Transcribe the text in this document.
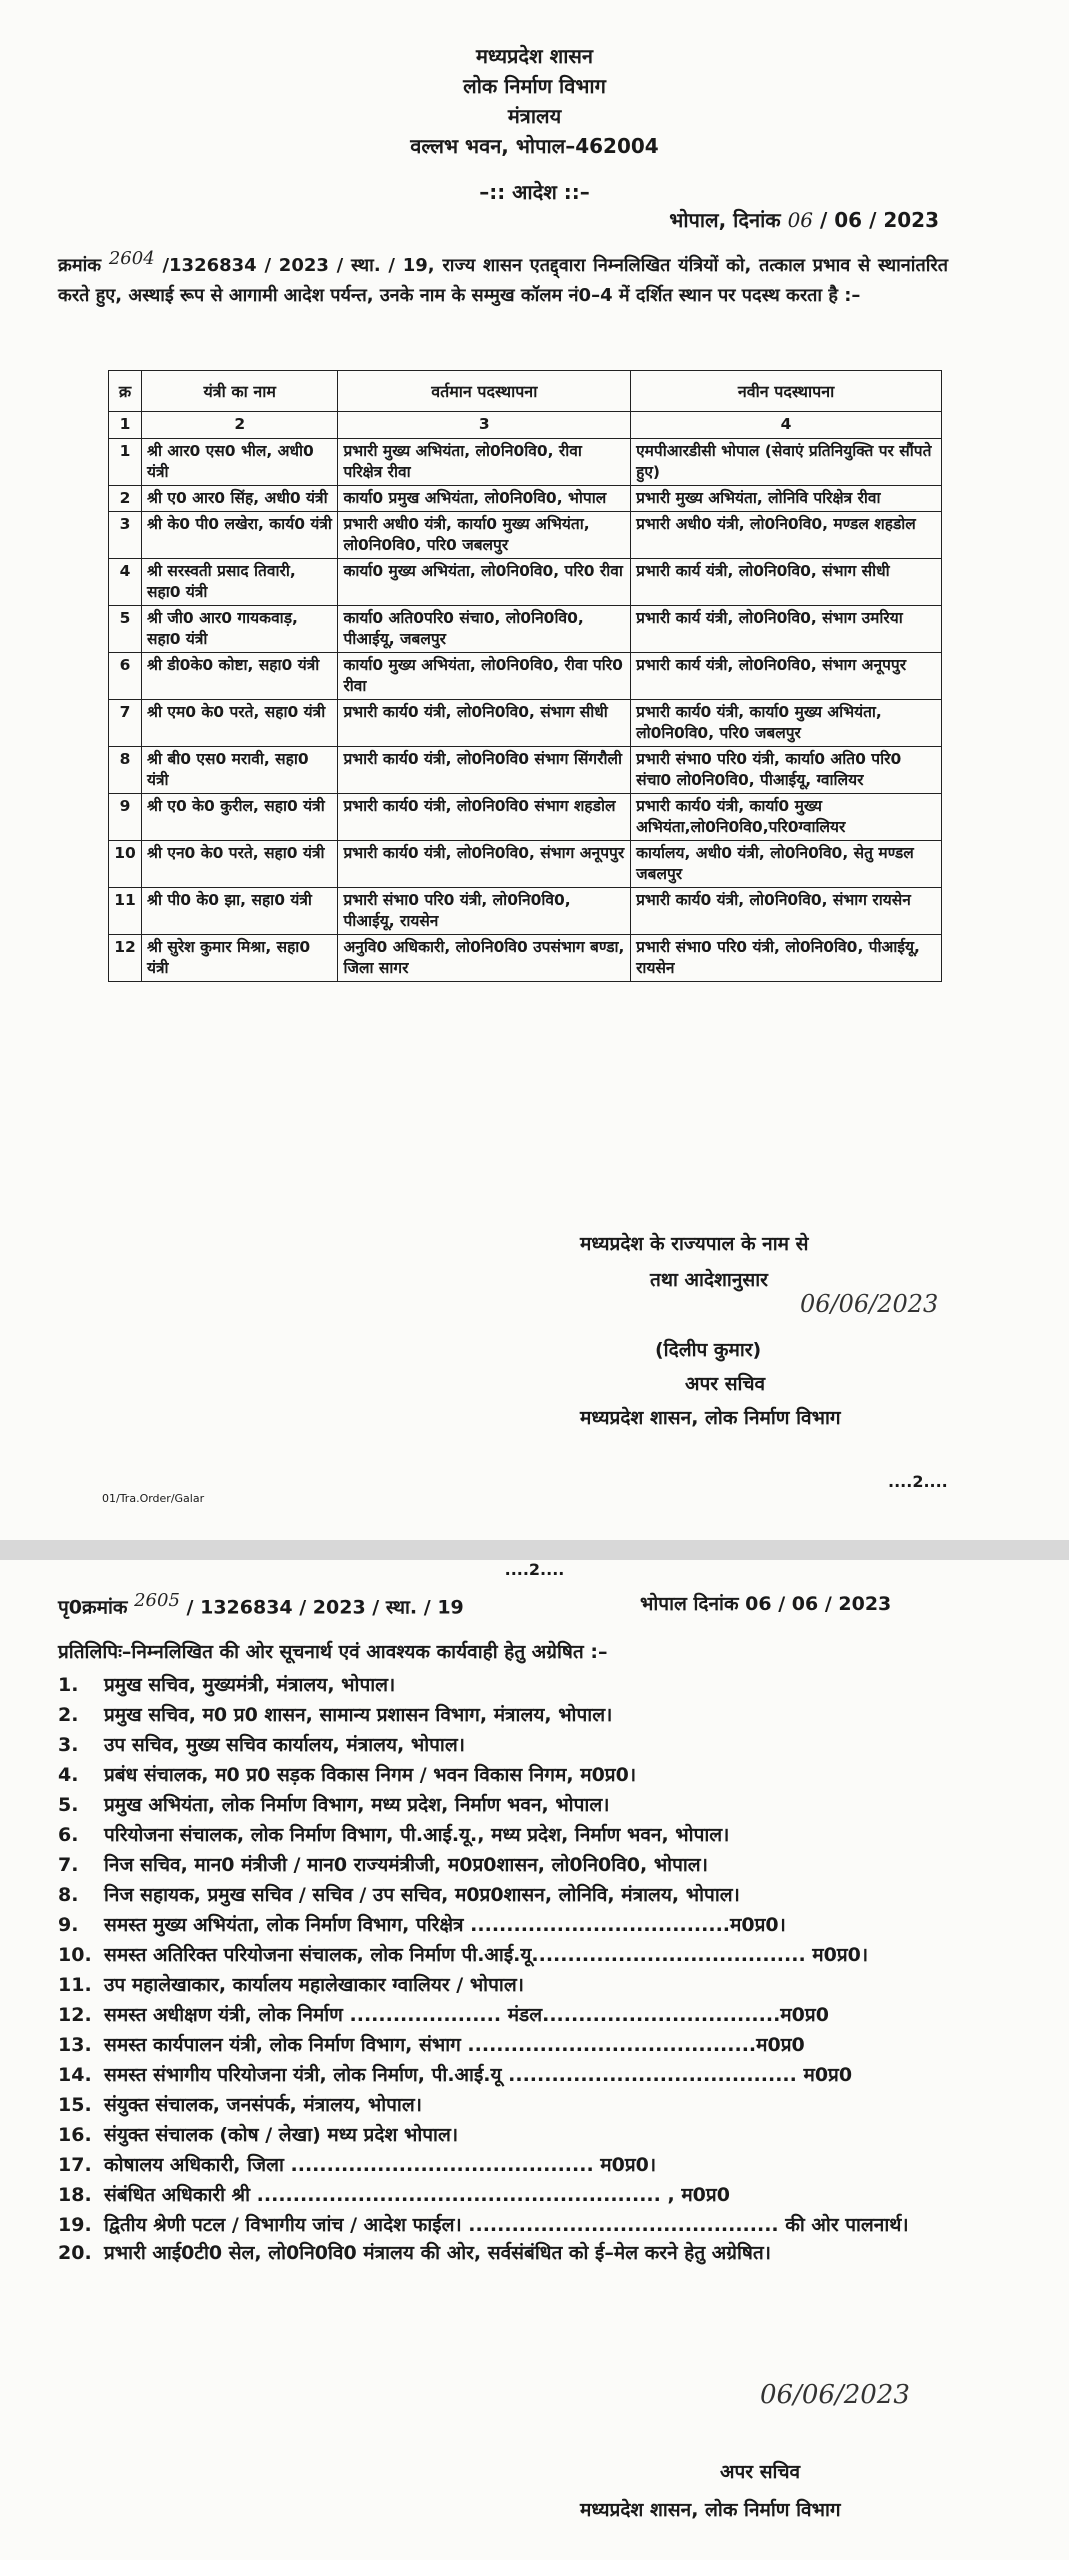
मध्यप्रदेश शासन
लोक निर्माण विभाग
मंत्रालय
वल्लभ भवन, भोपाल–462004
–:: आदेश ::–
भोपाल, दिनांक 06 / 06 / 2023
क्रमांक $^{2604}$ /1326834 / 2023 / स्था. / 19, राज्य शासन एतद्द्वारा निम्नलिखित यंत्रियों को, तत्काल प्रभाव से स्थानांतरित करते हुए, अस्थाई रूप से आगामी आदेश पर्यन्त, उनके नाम के सम्मुख कॉलम नं0–4 में दर्शित स्थान पर पदस्थ करता है :–
क्र	यंत्री का नाम	वर्तमान पदस्थापना	नवीन पदस्थापना
1	2	3	4
1	श्री आर0 एस0 भील, अधी0 यंत्री	प्रभारी मुख्य अभियंता, लो0नि0वि0, रीवा परिक्षेत्र रीवा	एमपीआरडीसी भोपाल (सेवाएं प्रतिनियुक्ति पर सौंपते हुए)
2	श्री ए0 आर0 सिंह, अधी0 यंत्री	कार्या0 प्रमुख अभियंता, लो0नि0वि0, भोपाल	प्रभारी मुख्य अभियंता, लोनिवि परिक्षेत्र रीवा
3	श्री के0 पी0 लखेरा, कार्य0 यंत्री	प्रभारी अधी0 यंत्री, कार्या0 मुख्य अभियंता, लो0नि0वि0, परि0 जबलपुर	प्रभारी अधी0 यंत्री, लो0नि0वि0, मण्डल शहडोल
4	श्री सरस्वती प्रसाद तिवारी, सहा0 यंत्री	कार्या0 मुख्य अभियंता, लो0नि0वि0, परि0 रीवा	प्रभारी कार्य यंत्री, लो0नि0वि0, संभाग सीधी
5	श्री जी0 आर0 गायकवाड़, सहा0 यंत्री	कार्या0 अति0परि0 संचा0, लो0नि0वि0, पीआईयू, जबलपुर	प्रभारी कार्य यंत्री, लो0नि0वि0, संभाग उमरिया
6	श्री डी0के0 कोष्टा, सहा0 यंत्री	कार्या0 मुख्य अभियंता, लो0नि0वि0, रीवा परि0 रीवा	प्रभारी कार्य यंत्री, लो0नि0वि0, संभाग अनूपपुर
7	श्री एम0 के0 परते, सहा0 यंत्री	प्रभारी कार्य0 यंत्री, लो0नि0वि0, संभाग सीधी	प्रभारी कार्य0 यंत्री, कार्या0 मुख्य अभियंता, लो0नि0वि0, परि0 जबलपुर
8	श्री बी0 एस0 मरावी, सहा0 यंत्री	प्रभारी कार्य0 यंत्री, लो0नि0वि0 संभाग सिंगरौली	प्रभारी संभा0 परि0 यंत्री, कार्या0 अति0 परि0 संचा0 लो0नि0वि0, पीआईयू, ग्वालियर
9	श्री ए0 के0 कुरील, सहा0 यंत्री	प्रभारी कार्य0 यंत्री, लो0नि0वि0 संभाग शहडोल	प्रभारी कार्य0 यंत्री, कार्या0 मुख्य अभियंता,लो0नि0वि0,परि0ग्वालियर
10	श्री एन0 के0 परते, सहा0 यंत्री	प्रभारी कार्य0 यंत्री, लो0नि0वि0, संभाग अनूपपुर	कार्यालय, अधी0 यंत्री, लो0नि0वि0, सेतु मण्डल जबलपुर
11	श्री पी0 के0 झा, सहा0 यंत्री	प्रभारी संभा0 परि0 यंत्री, लो0नि0वि0, पीआईयू, रायसेन	प्रभारी कार्य0 यंत्री, लो0नि0वि0, संभाग रायसेन
12	श्री सुरेश कुमार मिश्रा, सहा0 यंत्री	अनुवि0 अधिकारी, लो0नि0वि0 उपसंभाग बण्डा, जिला सागर	प्रभारी संभा0 परि0 यंत्री, लो0नि0वि0, पीआईयू, रायसेन
मध्यप्रदेश के राज्यपाल के नाम से
तथा आदेशानुसार
06/06/2023
(दिलीप कुमार)
अपर सचिव
मध्यप्रदेश शासन, लोक निर्माण विभाग
01/Tra.Order/Galar
....2....
....2....
पृ0क्रमांक $^{2605}$ / 1326834 / 2023 / स्था. / 19	भोपाल दिनांक 06 / 06 / 2023
प्रतिलिपिः–निम्नलिखित की ओर सूचनार्थ एवं आवश्यक कार्यवाही हेतु अग्रेषित :–
1.	प्रमुख सचिव, मुख्यमंत्री, मंत्रालय, भोपाल।
2.	प्रमुख सचिव, म0 प्र0 शासन, सामान्य प्रशासन विभाग, मंत्रालय, भोपाल।
3.	उप सचिव, मुख्य सचिव कार्यालय, मंत्रालय, भोपाल।
4.	प्रबंध संचालक, म0 प्र0 सड़क विकास निगम / भवन विकास निगम, म0प्र0।
5.	प्रमुख अभियंता, लोक निर्माण विभाग, मध्य प्रदेश, निर्माण भवन, भोपाल।
6.	परियोजना संचालक, लोक निर्माण विभाग, पी.आई.यू., मध्य प्रदेश, निर्माण भवन, भोपाल।
7.	निज सचिव, मान0 मंत्रीजी / मान0 राज्यमंत्रीजी, म0प्र0शासन, लो0नि0वि0, भोपाल।
8.	निज सहायक, प्रमुख सचिव / सचिव / उप सचिव, म0प्र0शासन, लोनिवि, मंत्रालय, भोपाल।
9.	समस्त मुख्य अभियंता, लोक निर्माण विभाग, परिक्षेत्र ....................................म0प्र0।
10. समस्त अतिरिक्त परियोजना संचालक, लोक निर्माण पी.आई.यू...................................... म0प्र0।
11. उप महालेखाकार, कार्यालय महालेखाकार ग्वालियर / भोपाल।
12. समस्त अधीक्षण यंत्री, लोक निर्माण ..................... मंडल.................................म0प्र0
13. समस्त कार्यपालन यंत्री, लोक निर्माण विभाग, संभाग ........................................म0प्र0
14. समस्त संभागीय परियोजना यंत्री, लोक निर्माण, पी.आई.यू ........................................ म0प्र0
15. संयुक्त संचालक, जनसंपर्क, मंत्रालय, भोपाल।
16. संयुक्त संचालक (कोष / लेखा) मध्य प्रदेश भोपाल।
17. कोषालय अधिकारी, जिला .......................................... म0प्र0।
18. संबंधित अधिकारी श्री ........................................................ , म0प्र0
19. द्वितीय श्रेणी पटल / विभागीय जांच / आदेश फाईल। ........................................... की ओर पालनार्थ।
20. प्रभारी आई0टी0 सेल, लो0नि0वि0 मंत्रालय की ओर, सर्वसंबंधित को ई–मेल करने हेतु अग्रेषित।
06/06/2023
अपर सचिव
मध्यप्रदेश शासन, लोक निर्माण विभाग
